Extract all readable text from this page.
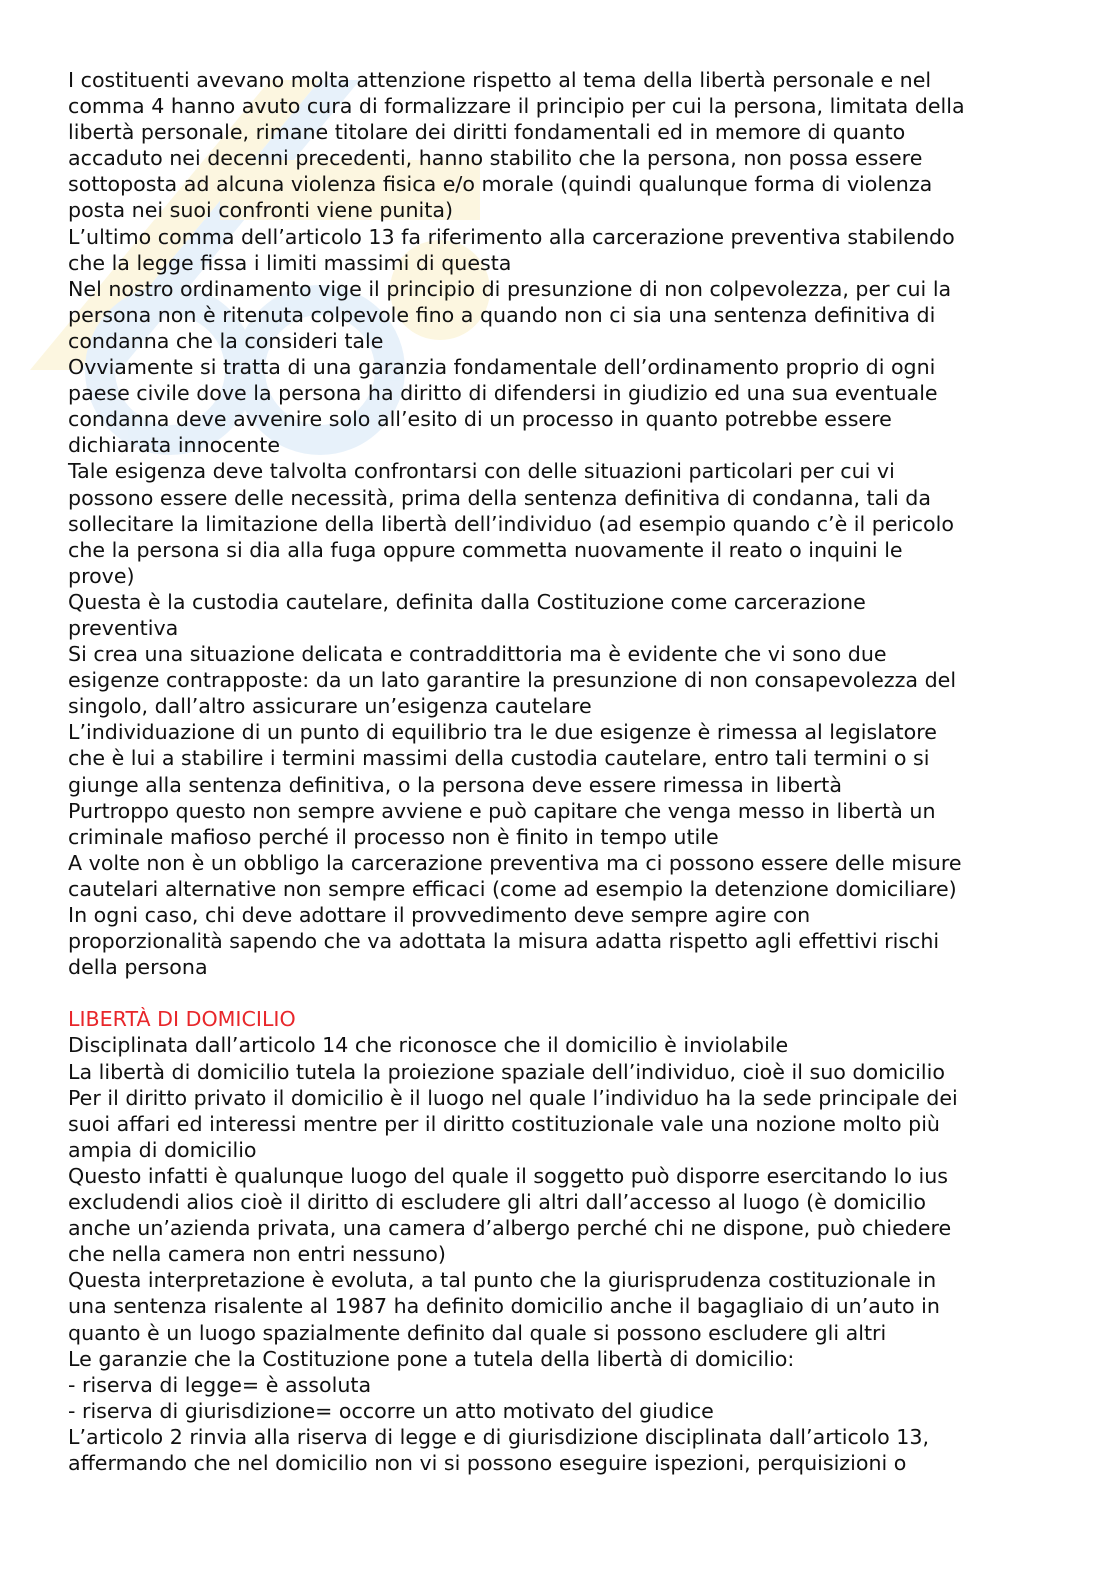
I costituenti avevano molta attenzione rispetto al tema della libertà personale e nel

comma 4 hanno avuto cura di formalizzare il principio per cui la persona, limitata della

libertà personale, rimane titolare dei diritti fondamentali ed in memore di quanto

accaduto nei decenni precedenti, hanno stabilito che la persona, non possa essere

sottoposta ad alcuna violenza fisica e/o morale (quindi qualunque forma di violenza

posta nei suoi confronti viene punita)

L’ultimo comma dell’articolo 13 fa riferimento alla carcerazione preventiva stabilendo

che la legge fissa i limiti massimi di questa

Nel nostro ordinamento vige il principio di presunzione di non colpevolezza, per cui la

persona non è ritenuta colpevole fino a quando non ci sia una sentenza definitiva di

condanna che la consideri tale

Ovviamente si tratta di una garanzia fondamentale dell’ordinamento proprio di ogni

paese civile dove la persona ha diritto di difendersi in giudizio ed una sua eventuale

condanna deve avvenire solo all’esito di un processo in quanto potrebbe essere

dichiarata innocente

Tale esigenza deve talvolta confrontarsi con delle situazioni particolari per cui vi

possono essere delle necessità, prima della sentenza definitiva di condanna, tali da

sollecitare la limitazione della libertà dell’individuo (ad esempio quando c’è il pericolo

che la persona si dia alla fuga oppure commetta nuovamente il reato o inquini le

prove)

Questa è la custodia cautelare, definita dalla Costituzione come carcerazione

preventiva

Si crea una situazione delicata e contraddittoria ma è evidente che vi sono due

esigenze contrapposte: da un lato garantire la presunzione di non consapevolezza del

singolo, dall’altro assicurare un’esigenza cautelare

L’individuazione di un punto di equilibrio tra le due esigenze è rimessa al legislatore

che è lui a stabilire i termini massimi della custodia cautelare, entro tali termini o si

giunge alla sentenza definitiva, o la persona deve essere rimessa in libertà

Purtroppo questo non sempre avviene e può capitare che venga messo in libertà un

criminale mafioso perché il processo non è finito in tempo utile

A volte non è un obbligo la carcerazione preventiva ma ci possono essere delle misure

cautelari alternative non sempre efficaci (come ad esempio la detenzione domiciliare)

In ogni caso, chi deve adottare il provvedimento deve sempre agire con

proporzionalità sapendo che va adottata la misura adatta rispetto agli effettivi rischi

della persona

LIBERTÀ DI DOMICILIO

Disciplinata dall’articolo 14 che riconosce che il domicilio è inviolabile

La libertà di domicilio tutela la proiezione spaziale dell’individuo, cioè il suo domicilio

Per il diritto privato il domicilio è il luogo nel quale l’individuo ha la sede principale dei

suoi affari ed interessi mentre per il diritto costituzionale vale una nozione molto più

ampia di domicilio

Questo infatti è qualunque luogo del quale il soggetto può disporre esercitando lo ius

excludendi alios cioè il diritto di escludere gli altri dall’accesso al luogo (è domicilio

anche un’azienda privata, una camera d’albergo perché chi ne dispone, può chiedere

che nella camera non entri nessuno)

Questa interpretazione è evoluta, a tal punto che la giurisprudenza costituzionale in

una sentenza risalente al 1987 ha definito domicilio anche il bagagliaio di un’auto in

quanto è un luogo spazialmente definito dal quale si possono escludere gli altri

Le garanzie che la Costituzione pone a tutela della libertà di domicilio:

- riserva di legge= è assoluta

- riserva di giurisdizione= occorre un atto motivato del giudice

L’articolo 2 rinvia alla riserva di legge e di giurisdizione disciplinata dall’articolo 13,

affermando che nel domicilio non vi si possono eseguire ispezioni, perquisizioni o
